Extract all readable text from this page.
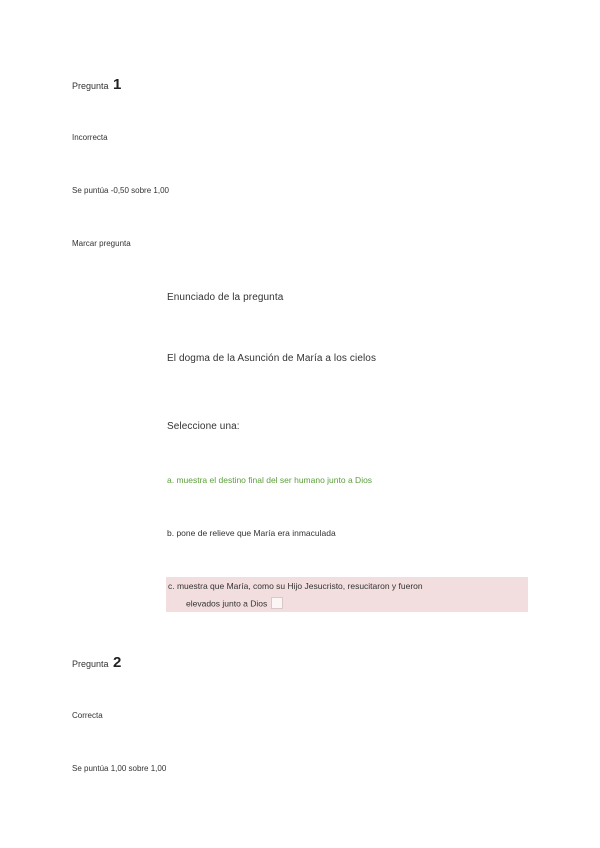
Pregunta 1
Incorrecta
Se puntúa -0,50 sobre 1,00
Marcar pregunta
Enunciado de la pregunta
El dogma de la Asunción de María a los cielos
Seleccione una:
a. muestra el destino final del ser humano junto a Dios
b. pone de relieve que María era inmaculada
c. muestra que María, como su Hijo Jesucristo, resucitaron y fueron
elevados junto a Dios
Pregunta 2
Correcta
Se puntúa 1,00 sobre 1,00
